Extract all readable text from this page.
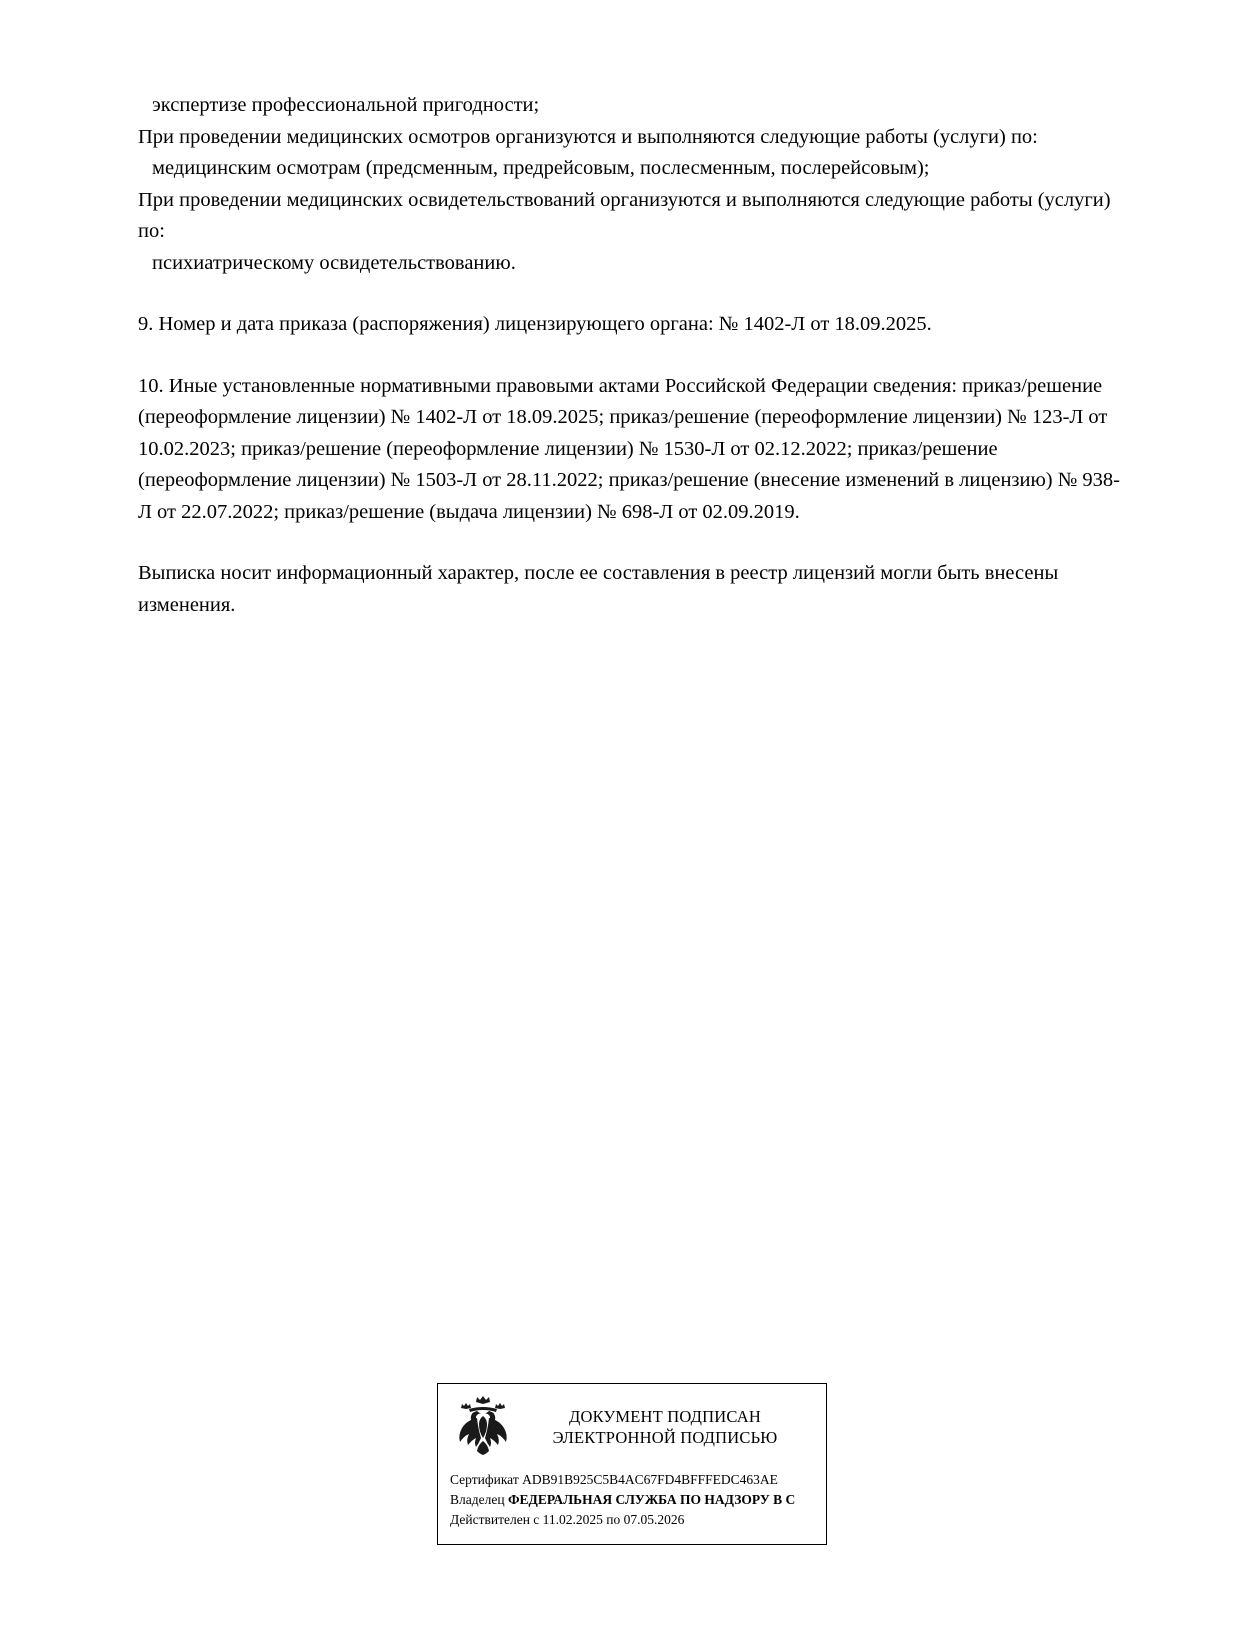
экспертизе профессиональной пригодности;

При проведении медицинских осмотров организуются и выполняются следующие работы (услуги) по:

медицинским осмотрам (предсменным, предрейсовым, послесменным, послерейсовым);

При проведении медицинских освидетельствований организуются и выполняются следующие работы (услуги) по:

психиатрическому освидетельствованию.

9. Номер и дата приказа (распоряжения) лицензирующего органа: № 1402-Л от 18.09.2025.

10. Иные установленные нормативными правовыми актами Российской Федерации сведения: приказ/решение (переоформление лицензии) № 1402-Л от 18.09.2025; приказ/решение (переоформление лицензии) № 123-Л от 10.02.2023; приказ/решение (переоформление лицензии) № 1530-Л от 02.12.2022; приказ/решение (переоформление лицензии) № 1503-Л от 28.11.2022; приказ/решение (внесение изменений в лицензию) № 938-Л от 22.07.2022; приказ/решение (выдача лицензии) № 698-Л от 02.09.2019.

Выписка носит информационный характер, после ее составления в реестр лицензий могли быть внесены изменения.

ДОКУМЕНТ ПОДПИСАН
ЭЛЕКТРОННОЙ ПОДПИСЬЮ
Сертификат ADB91B925C5B4AC67FD4BFFFEDC463AE
Владелец ФЕДЕРАЛЬНАЯ СЛУЖБА ПО НАДЗОРУ В С
Действителен с 11.02.2025 по 07.05.2026
